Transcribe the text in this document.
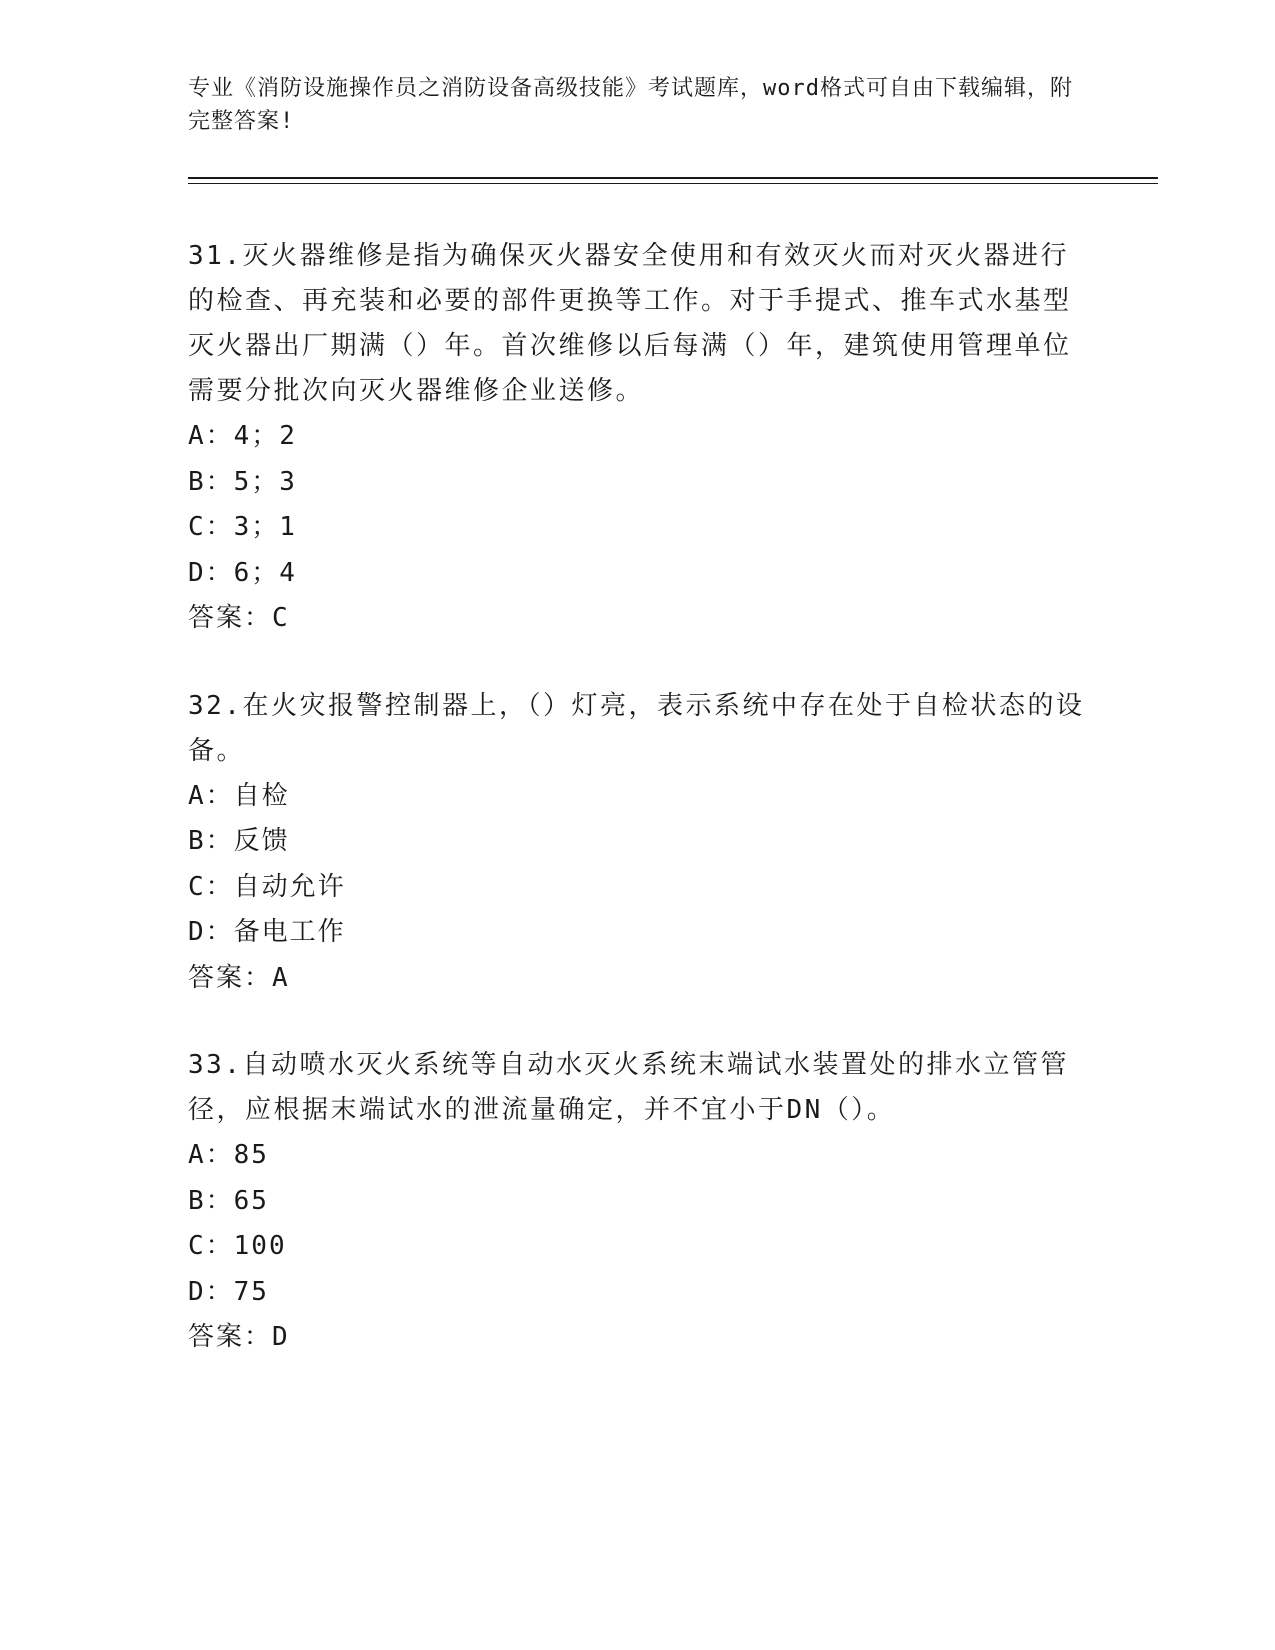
专业《消防设施操作员之消防设备高级技能》考试题库，word格式可自由下载编辑，附完整答案!

31.灭火器维修是指为确保灭火器安全使用和有效灭火而对灭火器进行的检查、再充装和必要的部件更换等工作。对于手提式、推车式水基型灭火器出厂期满（）年。首次维修以后每满（）年，建筑使用管理单位需要分批次向灭火器维修企业送修。

A：4；2

B：5；3

C：3；1

D：6；4

答案：C

32.在火灾报警控制器上，（）灯亮，表示系统中存在处于自检状态的设备。

A：自检

B：反馈

C：自动允许

D：备电工作

答案：A

33.自动喷水灭火系统等自动水灭火系统末端试水装置处的排水立管管径，应根据末端试水的泄流量确定，并不宜小于DN（）。

A：85

B：65

C：100

D：75

答案：D
